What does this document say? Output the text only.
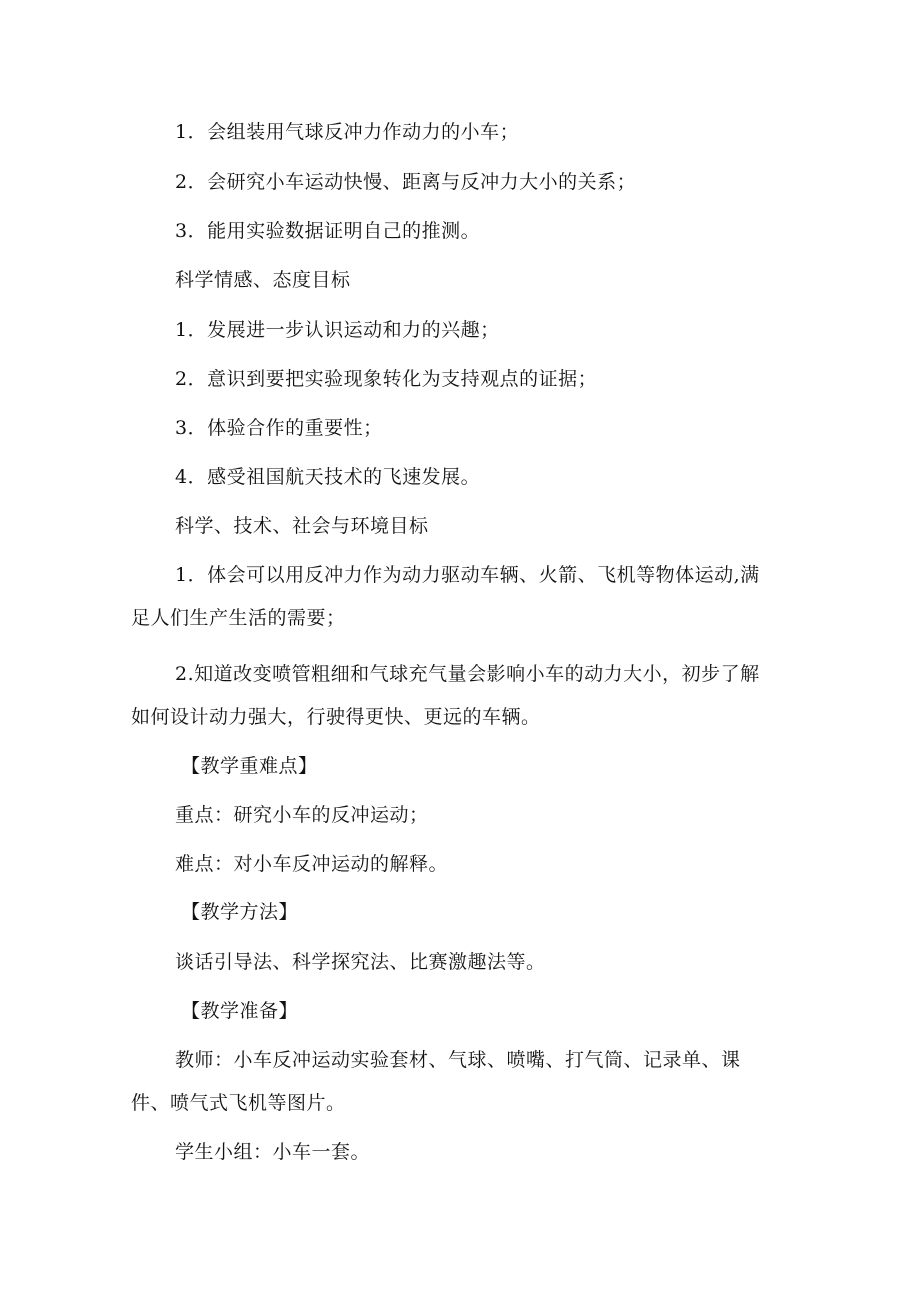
1．会组装用气球反冲力作动力的小车；
2．会研究小车运动快慢、距离与反冲力大小的关系；
3．能用实验数据证明自己的推测。
科学情感、态度目标
1．发展进一步认识运动和力的兴趣；
2．意识到要把实验现象转化为支持观点的证据；
3．体验合作的重要性；
4．感受祖国航天技术的飞速发展。
科学、技术、社会与环境目标
1．体会可以用反冲力作为动力驱动车辆、火箭、飞机等物体运动,满
足人们生产生活的需要；
2.知道改变喷管粗细和气球充气量会影响小车的动力大小，初步了解
如何设计动力强大，行驶得更快、更远的车辆。
【教学重难点】
重点：研究小车的反冲运动；
难点：对小车反冲运动的解释。
【教学方法】
谈话引导法、科学探究法、比赛激趣法等。
【教学准备】
教师：小车反冲运动实验套材、气球、喷嘴、打气筒、记录单、课
件、喷气式飞机等图片。
学生小组：小车一套。
